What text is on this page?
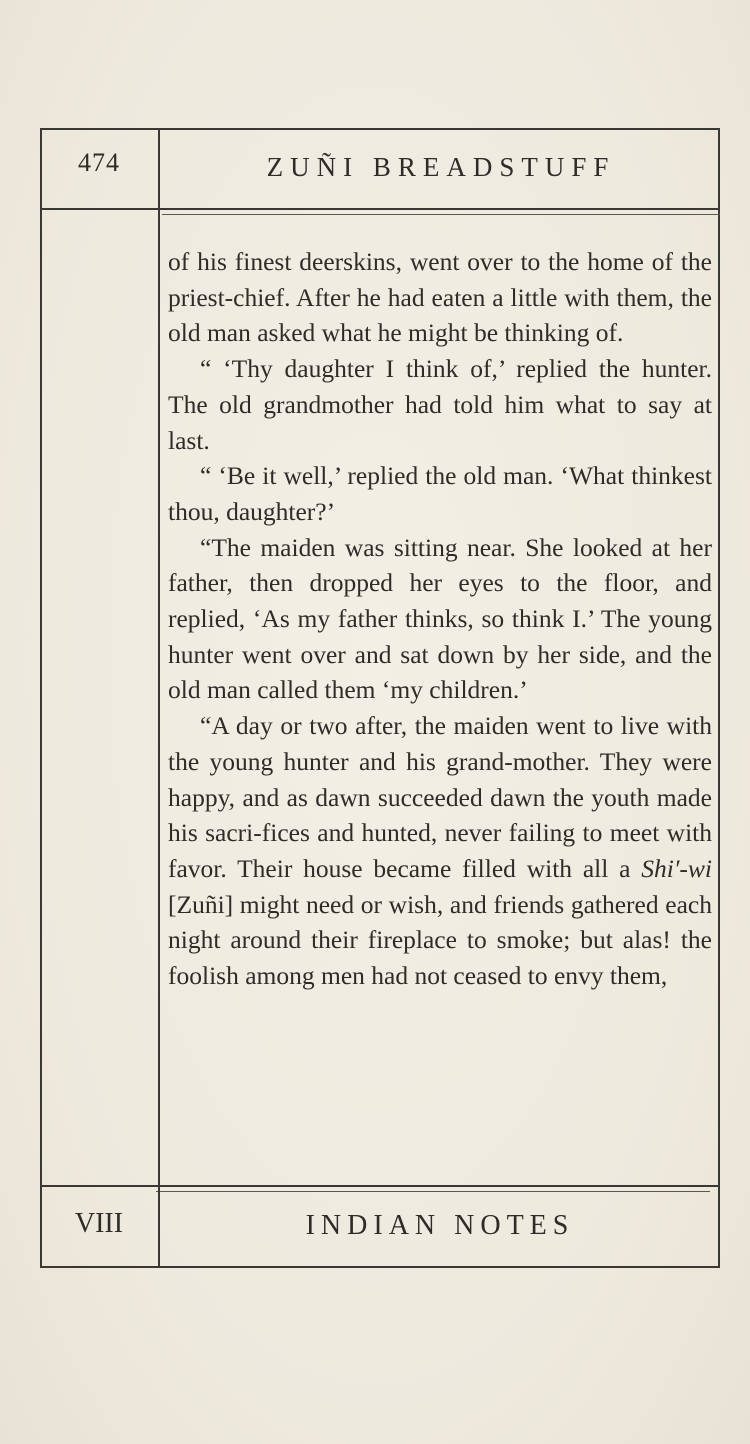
474	ZUÑI BREADSTUFF

of his finest deerskins, went over to the home of the priest-chief. After he had eaten a little with them, the old man asked what he might be thinking of.

“ ‘Thy daughter I think of,’ replied the hunter. The old grandmother had told him what to say at last.

“ ‘Be it well,’ replied the old man. ‘What thinkest thou, daughter?’

“The maiden was sitting near. She looked at her father, then dropped her eyes to the floor, and replied, ‘As my father thinks, so think I.’ The young hunter went over and sat down by her side, and the old man called them ‘my children.’

“A day or two after, the maiden went to live with the young hunter and his grand-mother. They were happy, and as dawn succeeded dawn the youth made his sacri-fices and hunted, never failing to meet with favor. Their house became filled with all a Shi′-wi [Zuñi] might need or wish, and friends gathered each night around their fireplace to smoke; but alas! the foolish among men had not ceased to envy them,

VIII	INDIAN NOTES
